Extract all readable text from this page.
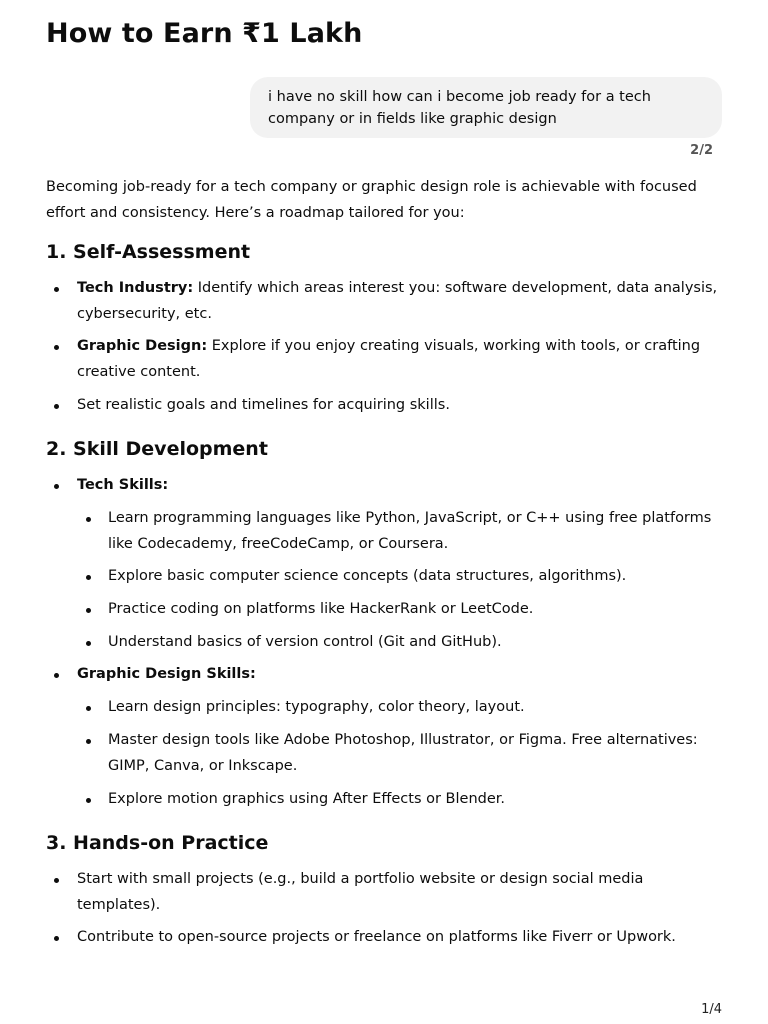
How to Earn ₹1 Lakh
i have no skill how can i become job ready for a tech company or in fields like graphic design
2/2
Becoming job-ready for a tech company or graphic design role is achievable with focused effort and consistency. Here’s a roadmap tailored for you:
1. Self-Assessment
Tech Industry: Identify which areas interest you: software development, data analysis, cybersecurity, etc.
Graphic Design: Explore if you enjoy creating visuals, working with tools, or crafting creative content.
Set realistic goals and timelines for acquiring skills.
2. Skill Development
Tech Skills:
Learn programming languages like Python, JavaScript, or C++ using free platforms like Codecademy, freeCodeCamp, or Coursera.
Explore basic computer science concepts (data structures, algorithms).
Practice coding on platforms like HackerRank or LeetCode.
Understand basics of version control (Git and GitHub).
Graphic Design Skills:
Learn design principles: typography, color theory, layout.
Master design tools like Adobe Photoshop, Illustrator, or Figma. Free alternatives: GIMP, Canva, or Inkscape.
Explore motion graphics using After Effects or Blender.
3. Hands-on Practice
Start with small projects (e.g., build a portfolio website or design social media templates).
Contribute to open-source projects or freelance on platforms like Fiverr or Upwork.
1/4
